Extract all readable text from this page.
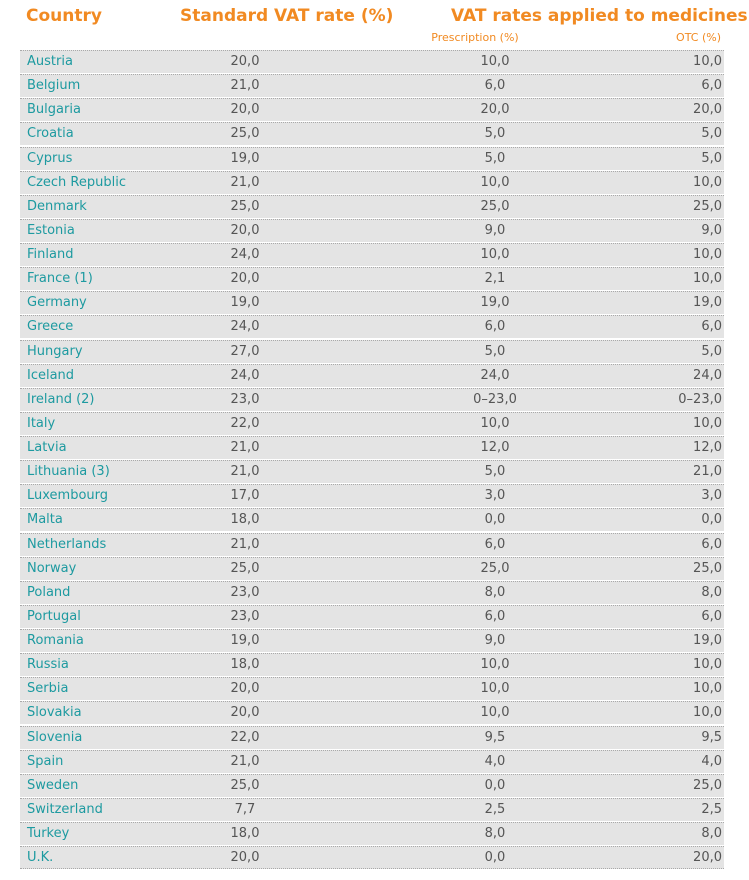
Country	Standard VAT rate (%)	VAT rates applied to medicines
Prescription (%)	OTC (%)
Austria	20,0	10,0	10,0
Belgium	21,0	6,0	6,0
Bulgaria	20,0	20,0	20,0
Croatia	25,0	5,0	5,0
Cyprus	19,0	5,0	5,0
Czech Republic	21,0	10,0	10,0
Denmark	25,0	25,0	25,0
Estonia	20,0	9,0	9,0
Finland	24,0	10,0	10,0
France (1)	20,0	2,1	10,0
Germany	19,0	19,0	19,0
Greece	24,0	6,0	6,0
Hungary	27,0	5,0	5,0
Iceland	24,0	24,0	24,0
Ireland (2)	23,0	0–23,0	0–23,0
Italy	22,0	10,0	10,0
Latvia	21,0	12,0	12,0
Lithuania (3)	21,0	5,0	21,0
Luxembourg	17,0	3,0	3,0
Malta	18,0	0,0	0,0
Netherlands	21,0	6,0	6,0
Norway	25,0	25,0	25,0
Poland	23,0	8,0	8,0
Portugal	23,0	6,0	6,0
Romania	19,0	9,0	19,0
Russia	18,0	10,0	10,0
Serbia	20,0	10,0	10,0
Slovakia	20,0	10,0	10,0
Slovenia	22,0	9,5	9,5
Spain	21,0	4,0	4,0
Sweden	25,0	0,0	25,0
Switzerland	7,7	2,5	2,5
Turkey	18,0	8,0	8,0
U.K.	20,0	0,0	20,0
